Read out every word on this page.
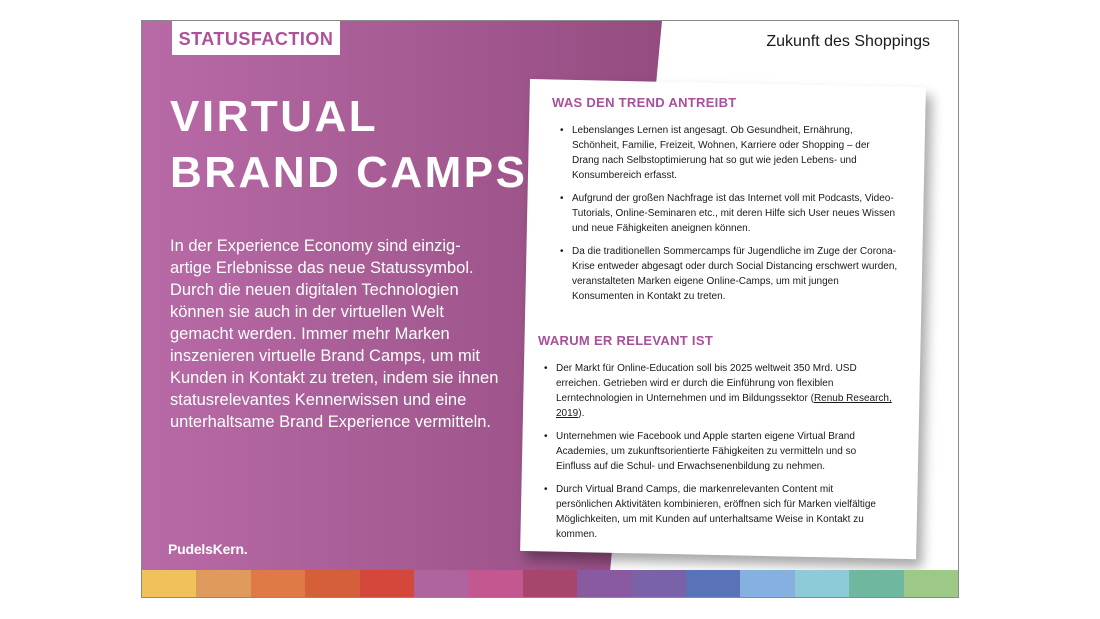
STATUSFACTION	Zukunft des Shoppings
VIRTUAL
BRAND CAMPS
In der Experience Economy sind einzig-artige Erlebnisse das neue Statussymbol. Durch die neuen digitalen Technologien können sie auch in der virtuellen Welt gemacht werden. Immer mehr Marken inszenieren virtuelle Brand Camps, um mit Kunden in Kontakt zu treten, indem sie ihnen statusrelevantes Kennerwissen und eine unterhaltsame Brand Experience vermitteln.
PudelsKern.
WAS DEN TREND ANTREIBT
• Lebenslanges Lernen ist angesagt. Ob Gesundheit, Ernährung, Schönheit, Familie, Freizeit, Wohnen, Karriere oder Shopping – der Drang nach Selbstoptimierung hat so gut wie jeden Lebens- und Konsumbereich erfasst.
• Aufgrund der großen Nachfrage ist das Internet voll mit Podcasts, Video-Tutorials, Online-Seminaren etc., mit deren Hilfe sich User neues Wissen und neue Fähigkeiten aneignen können.
• Da die traditionellen Sommercamps für Jugendliche im Zuge der Corona-Krise entweder abgesagt oder durch Social Distancing erschwert wurden, veranstalteten Marken eigene Online-Camps, um mit jungen Konsumenten in Kontakt zu treten.
WARUM ER RELEVANT IST
• Der Markt für Online-Education soll bis 2025 weltweit 350 Mrd. USD erreichen. Getrieben wird er durch die Einführung von flexiblen Lerntechnologien in Unternehmen und im Bildungssektor (Renub Research, 2019).
• Unternehmen wie Facebook und Apple starten eigene Virtual Brand Academies, um zukunftsorientierte Fähigkeiten zu vermitteln und so Einfluss auf die Schul- und Erwachsenenbildung zu nehmen.
• Durch Virtual Brand Camps, die markenrelevanten Content mit persönlichen Aktivitäten kombinieren, eröffnen sich für Marken vielfältige Möglichkeiten, um mit Kunden auf unterhaltsame Weise in Kontakt zu kommen.
